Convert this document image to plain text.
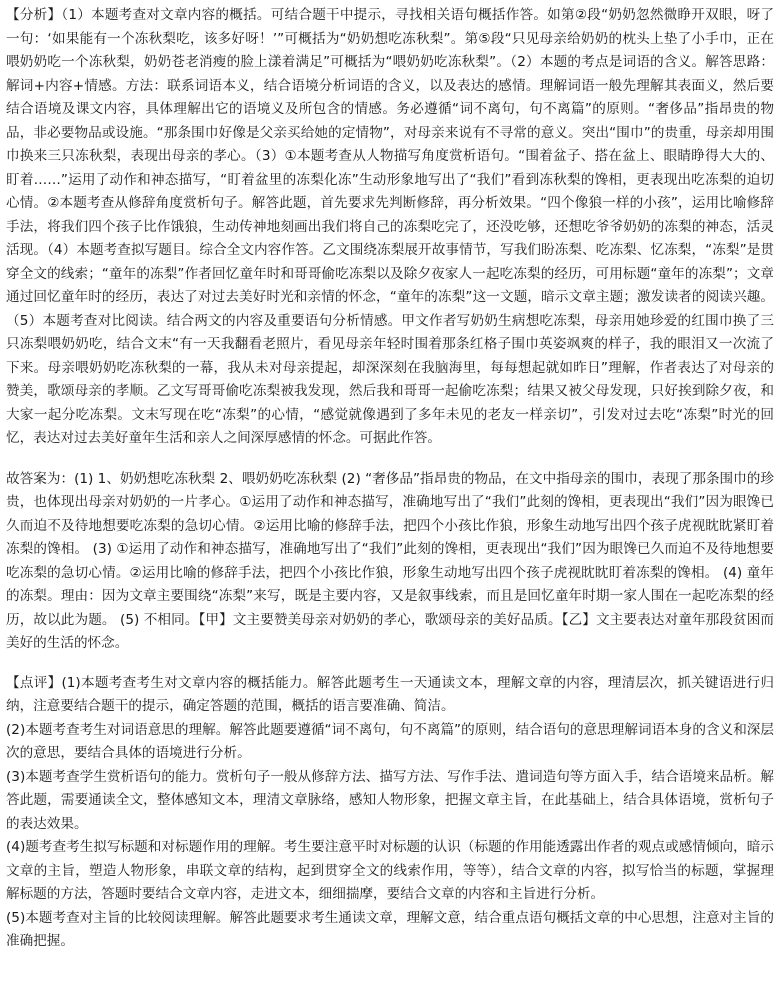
【分析】（1）本题考查对文章内容的概括。可结合题干中提示，寻找相关语句概括作答。如第②段“奶奶忽然微睁开双眼，呀了一句：‘如果能有一个冻秋梨吃，该多好呀！’”可概括为“奶奶想吃冻秋梨”。第⑤段“只见母亲给奶奶的枕头上垫了小手巾，正在喂奶奶吃一个冻秋梨，奶奶苍老消瘦的脸上漾着满足”可概括为“喂奶奶吃冻秋梨”。（2）本题的考点是词语的含义。解答思路：解词+内容+情感。方法：联系词语本义，结合语境分析词语的含义，以及表达的感情。理解词语一般先理解其表面义，然后要结合语境及课文内容，具体理解出它的语境义及所包含的情感。务必遵循“词不离句，句不离篇”的原则。“奢侈品”指昂贵的物品，非必要物品或设施。“那条围巾好像是父亲买给她的定情物”，对母亲来说有不寻常的意义。突出“围巾”的贵重，母亲却用围巾换来三只冻秋梨，表现出母亲的孝心。（3）①本题考查从人物描写角度赏析语句。“围着盆子、搭在盆上、眼睛睁得大大的、盯着……”运用了动作和神态描写，“盯着盆里的冻梨化冻”生动形象地写出了“我们”看到冻秋梨的馋相，更表现出吃冻梨的迫切心情。②本题考查从修辞角度赏析句子。解答此题，首先要求先判断修辞，再分析效果。“四个像狼一样的小孩”，运用比喻修辞手法，将我们四个孩子比作饿狼，生动传神地刻画出我们将自己的冻梨吃完了，还没吃够，还想吃爷爷奶奶的冻梨的神态，活灵活现。（4）本题考查拟写题目。综合全文内容作答。乙文围绕冻梨展开故事情节，写我们盼冻梨、吃冻梨、忆冻梨，“冻梨”是贯穿全文的线索；“童年的冻梨”作者回忆童年时和哥哥偷吃冻梨以及除夕夜家人一起吃冻梨的经历，可用标题“童年的冻梨”；文章通过回忆童年时的经历，表达了对过去美好时光和亲情的怀念，“童年的冻梨”这一文题，暗示文章主题；激发读者的阅读兴趣。（5）本题考查对比阅读。结合两文的内容及重要语句分析情感。甲文作者写奶奶生病想吃冻梨，母亲用她珍爱的红围巾换了三只冻梨喂奶奶吃，结合文末“有一天我翻看老照片，看见母亲年轻时围着那条红格子围巾英姿飒爽的样子，我的眼泪又一次流了下来。母亲喂奶奶吃冻秋梨的一幕，我从未对母亲提起，却深深刻在我脑海里，每每想起就如昨日”理解，作者表达了对母亲的赞美，歌颂母亲的孝顺。乙文写哥哥偷吃冻梨被我发现，然后我和哥哥一起偷吃冻梨；结果又被父母发现，只好挨到除夕夜，和大家一起分吃冻梨。文末写现在吃“冻梨”的心情，“感觉就像遇到了多年未见的老友一样亲切”，引发对过去吃“冻梨”时光的回忆，表达对过去美好童年生活和亲人之间深厚感情的怀念。可据此作答。

故答案为：(1) 1、奶奶想吃冻秋梨 2、喂奶奶吃冻秋梨 (2) “奢侈品”指昂贵的物品，在文中指母亲的围巾，表现了那条围巾的珍贵，也体现出母亲对奶奶的一片孝心。①运用了动作和神态描写，准确地写出了“我们”此刻的馋相，更表现出“我们”因为眼馋已久而迫不及待地想要吃冻梨的急切心情。②运用比喻的修辞手法，把四个小孩比作狼，形象生动地写出四个孩子虎视眈眈紧盯着冻梨的馋相。 (3) ①运用了动作和神态描写，准确地写出了“我们”此刻的馋相，更表现出“我们”因为眼馋已久而迫不及待地想要吃冻梨的急切心情。②运用比喻的修辞手法，把四个小孩比作狼，形象生动地写出四个孩子虎视眈眈盯着冻梨的馋相。 (4) 童年的冻梨。理由：因为文章主要围绕“冻梨”来写，既是主要内容，又是叙事线索，而且是回忆童年时期一家人围在一起吃冻梨的经历，故以此为题。 (5) 不相同。【甲】文主要赞美母亲对奶奶的孝心，歌颂母亲的美好品质。【乙】文主要表达对童年那段贫困而美好的生活的怀念。

【点评】(1)本题考查考生对文章内容的概括能力。解答此题考生一天通读文本，理解文章的内容，理清层次，抓关键语进行归纳，注意要结合题干的提示，确定答题的范围，概括的语言要准确、简洁。

(2)本题考查考生对词语意思的理解。解答此题要遵循“词不离句，句不离篇”的原则，结合语句的意思理解词语本身的含义和深层次的意思，要结合具体的语境进行分析。

(3)本题考查学生赏析语句的能力。赏析句子一般从修辞方法、描写方法、写作手法、遣词造句等方面入手，结合语境来品析。解答此题，需要通读全文，整体感知文本，理清文章脉络，感知人物形象，把握文章主旨，在此基础上，结合具体语境，赏析句子的表达效果。

(4)题考查考生拟写标题和对标题作用的理解。考生要注意平时对标题的认识（标题的作用能透露出作者的观点或感情倾向，暗示文章的主旨，塑造人物形象，串联文章的结构，起到贯穿全文的线索作用，等等），结合文章的内容，拟写恰当的标题，掌握理解标题的方法，答题时要结合文章内容，走进文本，细细揣摩，要结合文章的内容和主旨进行分析。

(5)本题考查对主旨的比较阅读理解。解答此题要求考生通读文章，理解文意，结合重点语句概括文章的中心思想，注意对主旨的准确把握。
